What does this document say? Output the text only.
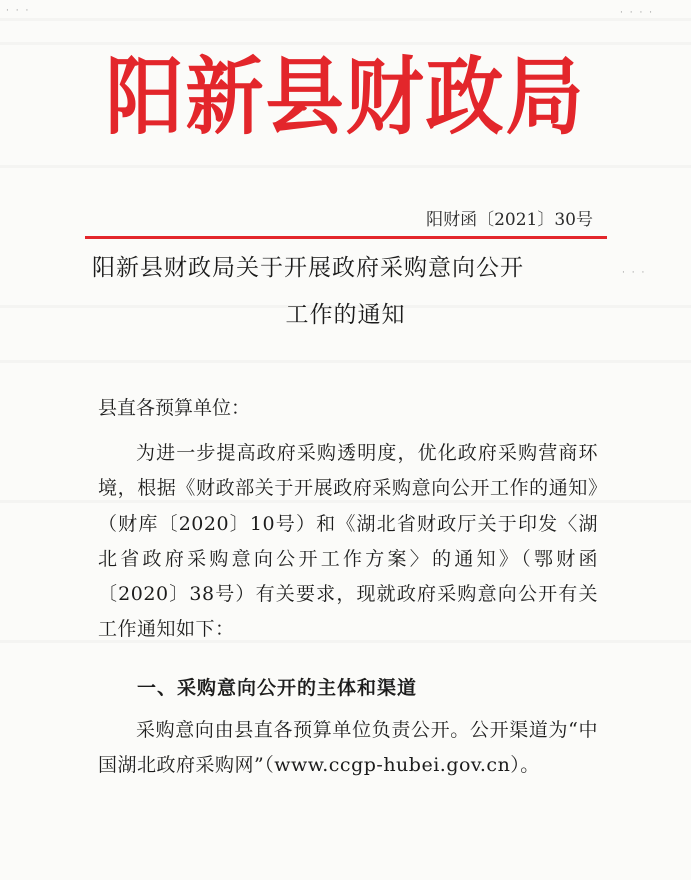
· · ·	· · · ·
· · ·
阳新县财政局
阳财函〔2021〕30号
阳新县财政局关于开展政府采购意向公开
工作的通知
县直各预算单位：
为进一步提高政府采购透明度，优化政府采购营商环境，根据《财政部关于开展政府采购意向公开工作的通知》（财库〔2020〕10号）和《湖北省财政厅关于印发〈湖北省政府采购意向公开工作方案〉的通知》（鄂财函〔2020〕38号）有关要求，现就政府采购意向公开有关工作通知如下：
一、采购意向公开的主体和渠道
采购意向由县直各预算单位负责公开。公开渠道为“中国湖北政府采购网”（www.ccgp-hubei.gov.cn）。
